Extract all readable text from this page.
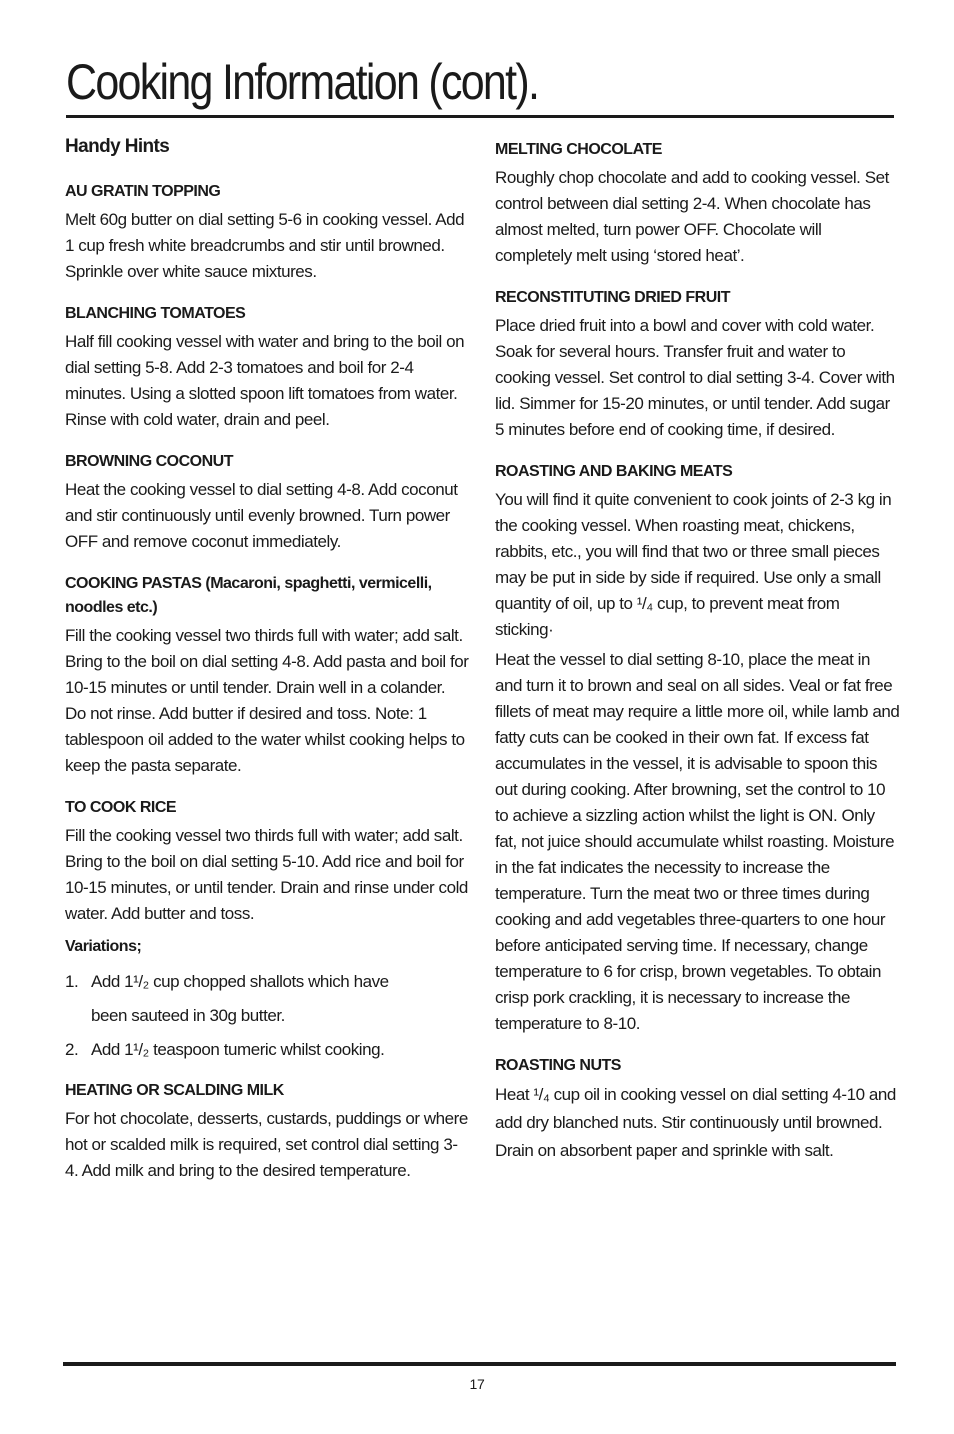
Cooking Information (cont).
Handy Hints
AU GRATIN TOPPING

Melt 60g butter on dial setting 5-6 in cooking vessel. Add 1 cup fresh white breadcrumbs and stir until browned. Sprinkle over white sauce mixtures.

BLANCHING TOMATOES

Half fill cooking vessel with water and bring to the boil on dial setting 5-8. Add 2-3 tomatoes and boil for 2-4 minutes. Using a slotted spoon lift tomatoes from water. Rinse with cold water, drain and peel.

BROWNING COCONUT

Heat the cooking vessel to dial setting 4-8. Add coconut and stir continuously until evenly browned. Turn power OFF and remove coconut immediately.

COOKING PASTAS (Macaroni, spaghetti, vermicelli, noodles etc.)

Fill the cooking vessel two thirds full with water; add salt. Bring to the boil on dial setting 4-8. Add pasta and boil for 10-15 minutes or until tender. Drain well in a colander. Do not rinse. Add butter if desired and toss. Note: 1 tablespoon oil added to the water whilst cooking helps to keep the pasta separate.

TO COOK RICE

Fill the cooking vessel two thirds full with water; add salt. Bring to the boil on dial setting 5-10. Add rice and boil for 10-15 minutes, or until tender. Drain and rinse under cold water. Add butter and toss.

Variations;
1. Add 1¹/₂ cup chopped shallots which have
been sauteed in 30g butter.
2. Add 1¹/₂ teaspoon tumeric whilst cooking.
HEATING OR SCALDING MILK

For hot chocolate, desserts, custards, puddings or where hot or scalded milk is required, set control dial setting 3-4. Add milk and bring to the desired temperature.

MELTING CHOCOLATE

Roughly chop chocolate and add to cooking vessel. Set control between dial setting 2-4. When chocolate has almost melted, turn power OFF. Chocolate will completely melt using ‘stored heat’.

RECONSTITUTING DRIED FRUIT

Place dried fruit into a bowl and cover with cold water. Soak for several hours. Transfer fruit and water to cooking vessel. Set control to dial setting 3-4. Cover with lid. Simmer for 15-20 minutes, or until tender. Add sugar 5 minutes before end of cooking time, if desired.

ROASTING AND BAKING MEATS

You will find it quite convenient to cook joints of 2-3 kg in the cooking vessel. When roasting meat, chickens, rabbits, etc., you will find that two or three small pieces may be put in side by side if required. Use only a small quantity of oil, up to ¹/₄ cup, to prevent meat from sticking·

Heat the vessel to dial setting 8-10, place the meat in and turn it to brown and seal on all sides. Veal or fat free fillets of meat may require a little more oil, while lamb and fatty cuts can be cooked in their own fat. If excess fat accumulates in the vessel, it is advisable to spoon this out during cooking. After browning, set the control to 10 to achieve a sizzling action whilst the light is ON. Only fat, not juice should accumulate whilst roasting. Moisture in the fat indicates the necessity to increase the temperature. Turn the meat two or three times during cooking and add vegetables three-quarters to one hour before anticipated serving time. If necessary, change temperature to 6 for crisp, brown vegetables. To obtain crisp pork crackling, it is necessary to increase the temperature to 8-10.

ROASTING NUTS

Heat ¹/₄ cup oil in cooking vessel on dial setting 4-10 and add dry blanched nuts. Stir continuously until browned. Drain on absorbent paper and sprinkle with salt.

17
